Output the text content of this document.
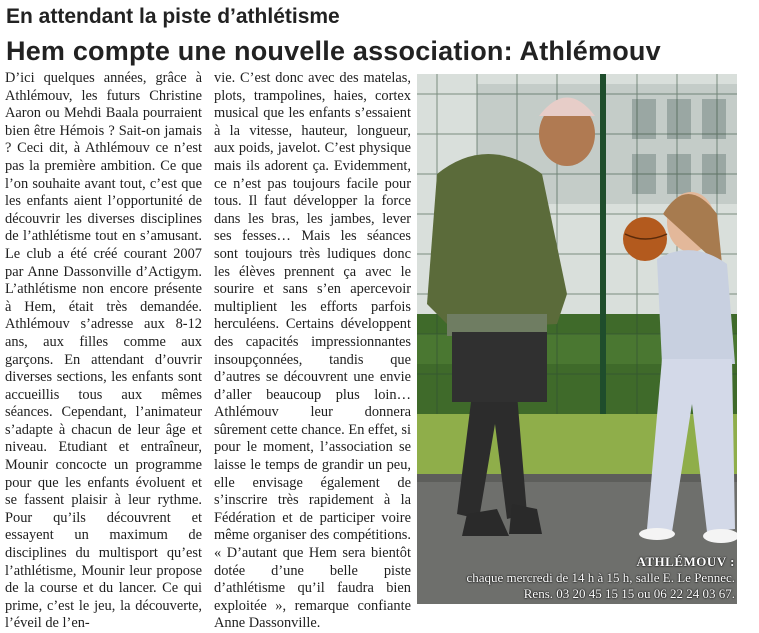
En attendant la piste d’athlétisme
Hem compte une nouvelle association: Athlémouv

D’ici quelques années, grâce à Athlémouv, les futurs Christine Aaron ou Mehdi Baala pourraient bien être Hémois ? Sait-on jamais ? Ceci dit, à Athlémouv ce n’est pas la première ambition. Ce que l’on souhaite avant tout, c’est que les enfants aient l’opportunité de découvrir les diverses disciplines de l’athlétisme tout en s’amusant. Le club a été créé courant 2007 par Anne Dassonville d’Actigym. L’athlétisme non encore présente à Hem, était très demandée. Athlémouv s’adresse aux 8-12 ans, aux filles comme aux garçons. En attendant d’ouvrir diverses sections, les enfants sont accueillis tous aux mêmes séances. Cependant, l’animateur s’adapte à chacun de leur âge et niveau. Etudiant et entraîneur, Mounir concocte un programme pour que les enfants évoluent et se fassent plaisir à leur rythme. Pour qu’ils découvrent et essayent un maximum de disciplines du multisport qu’est l’athlétisme, Mounir leur propose de la course et du lancer. Ce qui prime, c’est le jeu, la découverte, l’éveil de l’en-

vie. C’est donc avec des matelas, plots, trampolines, haies, cortex musical que les enfants s’essaient à la vitesse, hauteur, longueur, aux poids, javelot. C’est physique mais ils adorent ça. Evidemment, ce n’est pas toujours facile pour tous. Il faut développer la force dans les bras, les jambes, lever ses fesses… Mais les séances sont toujours très ludiques donc les élèves prennent ça avec le sourire et sans s’en apercevoir multiplient les efforts parfois herculéens. Certains développent des capacités impressionnantes insoupçonnées, tandis que d’autres se découvrent une envie d’aller beaucoup plus loin… Athlémouv leur donnera sûrement cette chance. En effet, si pour le moment, l’association se laisse le temps de grandir un peu, elle envisage également de s’inscrire très rapidement à la Fédération et de participer voire même organiser des compétitions. « D’autant que Hem sera bientôt dotée d’une belle piste d’athlétisme qu’il faudra bien exploitée », remarque confiante Anne Dassonville.

ATHLÉMOUV :
chaque mercredi de 14 h à 15 h, salle E. Le Pennec.
Rens. 03 20 45 15 15 ou 06 22 24 03 67.
